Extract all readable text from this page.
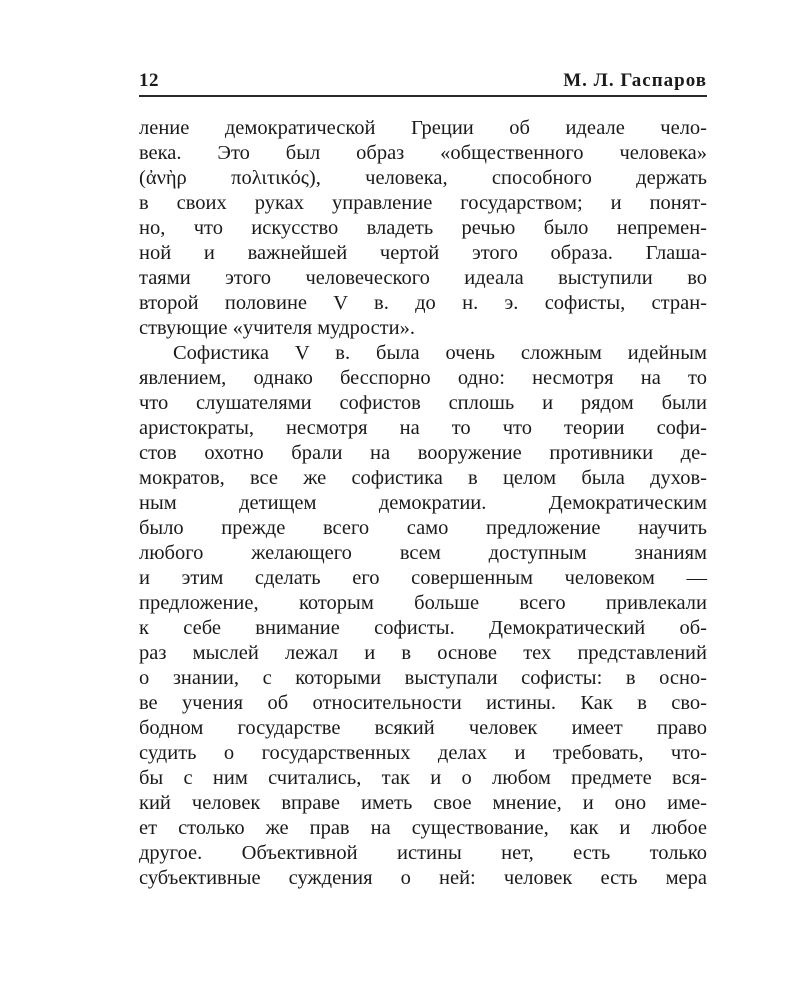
12	М. Л. Гаспаров
ление демократической Греции об идеале чело-
века. Это был образ «общественного человека»
(ἀνὴρ πολιτικός), человека, способного держать
в своих руках управление государством; и понят-
но, что искусство владеть речью было непремен-
ной и важнейшей чертой этого образа. Глаша-
таями этого человеческого идеала выступили во
второй половине V в. до н. э. софисты, стран-
ствующие «учителя мудрости».
Софистика V в. была очень сложным идейным
явлением, однако бесспорно одно: несмотря на то
что слушателями софистов сплошь и рядом были
аристократы, несмотря на то что теории софи-
стов охотно брали на вооружение противники де-
мократов, все же софистика в целом была духов-
ным детищем демократии. Демократическим
было прежде всего само предложение научить
любого желающего всем доступным знаниям
и этим сделать его совершенным человеком —
предложение, которым больше всего привлекали
к себе внимание софисты. Демократический об-
раз мыслей лежал и в основе тех представлений
о знании, с которыми выступали софисты: в осно-
ве учения об относительности истины. Как в сво-
бодном государстве всякий человек имеет право
судить о государственных делах и требовать, что-
бы с ним считались, так и о любом предмете вся-
кий человек вправе иметь свое мнение, и оно име-
ет столько же прав на существование, как и любое
другое. Объективной истины нет, есть только
субъективные суждения о ней: человек есть мера
